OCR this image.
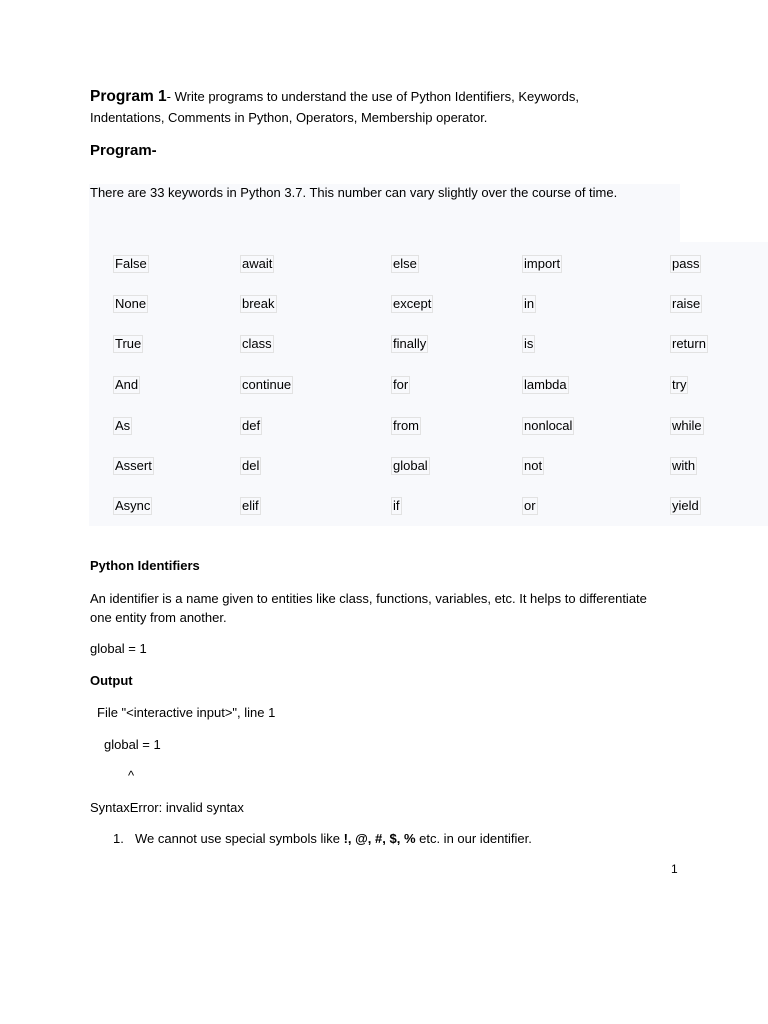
Program 1- Write programs to understand the use of Python Identifiers, Keywords, Indentations, Comments in Python, Operators, Membership operator.
Program-
There are 33 keywords in Python 3.7. This number can vary slightly over the course of time.
False	await	else	import	pass
None	break	except	in	raise
True	class	finally	is	return
And	continue	for	lambda	try
As	def	from	nonlocal	while
Assert	del	global	not	with
Async	elif	if	or	yield
Python Identifiers
An identifier is a name given to entities like class, functions, variables, etc. It helps to differentiate one entity from another.
global = 1
Output
File "<interactive input>", line 1
global = 1
^
SyntaxError: invalid syntax
1. We cannot use special symbols like !, @, #, $, % etc. in our identifier.
1
